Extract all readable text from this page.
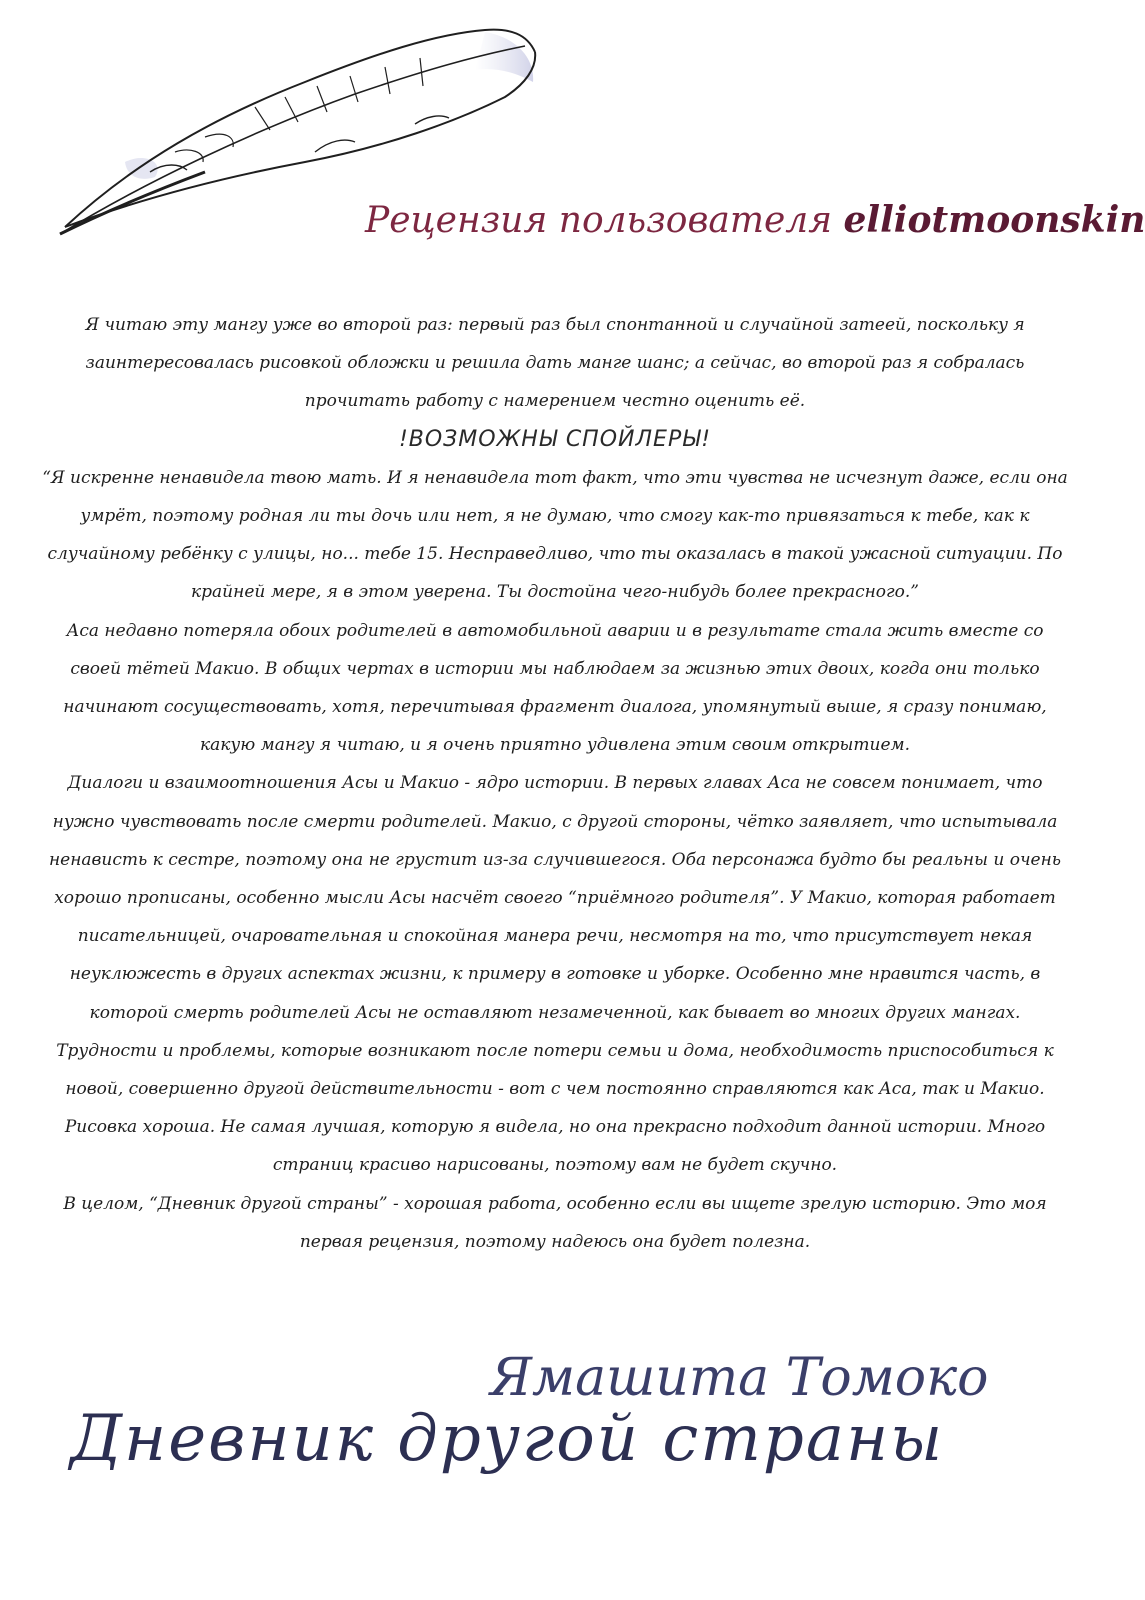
Рецензия пользователя elliotmoonskin

Я читаю эту мангу уже во второй раз: первый раз был спонтанной и случайной затеей, поскольку я заинтересовалась рисовкой обложки и решила дать манге шанс; а сейчас, во второй раз я собралась прочитать работу с намерением честно оценить её.

!ВОЗМОЖНЫ СПОЙЛЕРЫ!

“Я искренне ненавидела твою мать. И я ненавидела тот факт, что эти чувства не исчезнут даже, если она умрёт, поэтому родная ли ты дочь или нет, я не думаю, что смогу как-то привязаться к тебе, как к случайному ребёнку с улицы, но... тебе 15. Несправедливо, что ты оказалась в такой ужасной ситуации. По крайней мере, я в этом уверена. Ты достойна чего-нибудь более прекрасного.”

Аса недавно потеряла обоих родителей в автомобильной аварии и в результате стала жить вместе со своей тётей Макио. В общих чертах в истории мы наблюдаем за жизнью этих двоих, когда они только начинают сосуществовать, хотя, перечитывая фрагмент диалога, упомянутый выше, я сразу понимаю, какую мангу я читаю, и я очень приятно удивлена этим своим открытием.

Диалоги и взаимоотношения Асы и Макио - ядро истории. В первых главах Аса не совсем понимает, что нужно чувствовать после смерти родителей. Макио, с другой стороны, чётко заявляет, что испытывала ненависть к сестре, поэтому она не грустит из-за случившегося. Оба персонажа будто бы реальны и очень хорошо прописаны, особенно мысли Асы насчёт своего “приёмного родителя”. У Макио, которая работает писательницей, очаровательная и спокойная манера речи, несмотря на то, что присутствует некая неуклюжесть в других аспектах жизни, к примеру в готовке и уборке. Особенно мне нравится часть, в которой смерть родителей Асы не оставляют незамеченной, как бывает во многих других мангах. Трудности и проблемы, которые возникают после потери семьи и дома, необходимость приспособиться к новой, совершенно другой действительности - вот с чем постоянно справляются как Аса, так и Макио.

Рисовка хороша. Не самая лучшая, которую я видела, но она прекрасно подходит данной истории. Много страниц красиво нарисованы, поэтому вам не будет скучно.

В целом, “Дневник другой страны” - хорошая работа, особенно если вы ищете зрелую историю. Это моя первая рецензия, поэтому надеюсь она будет полезна.

Ямашита Томоко
Дневник другой страны
